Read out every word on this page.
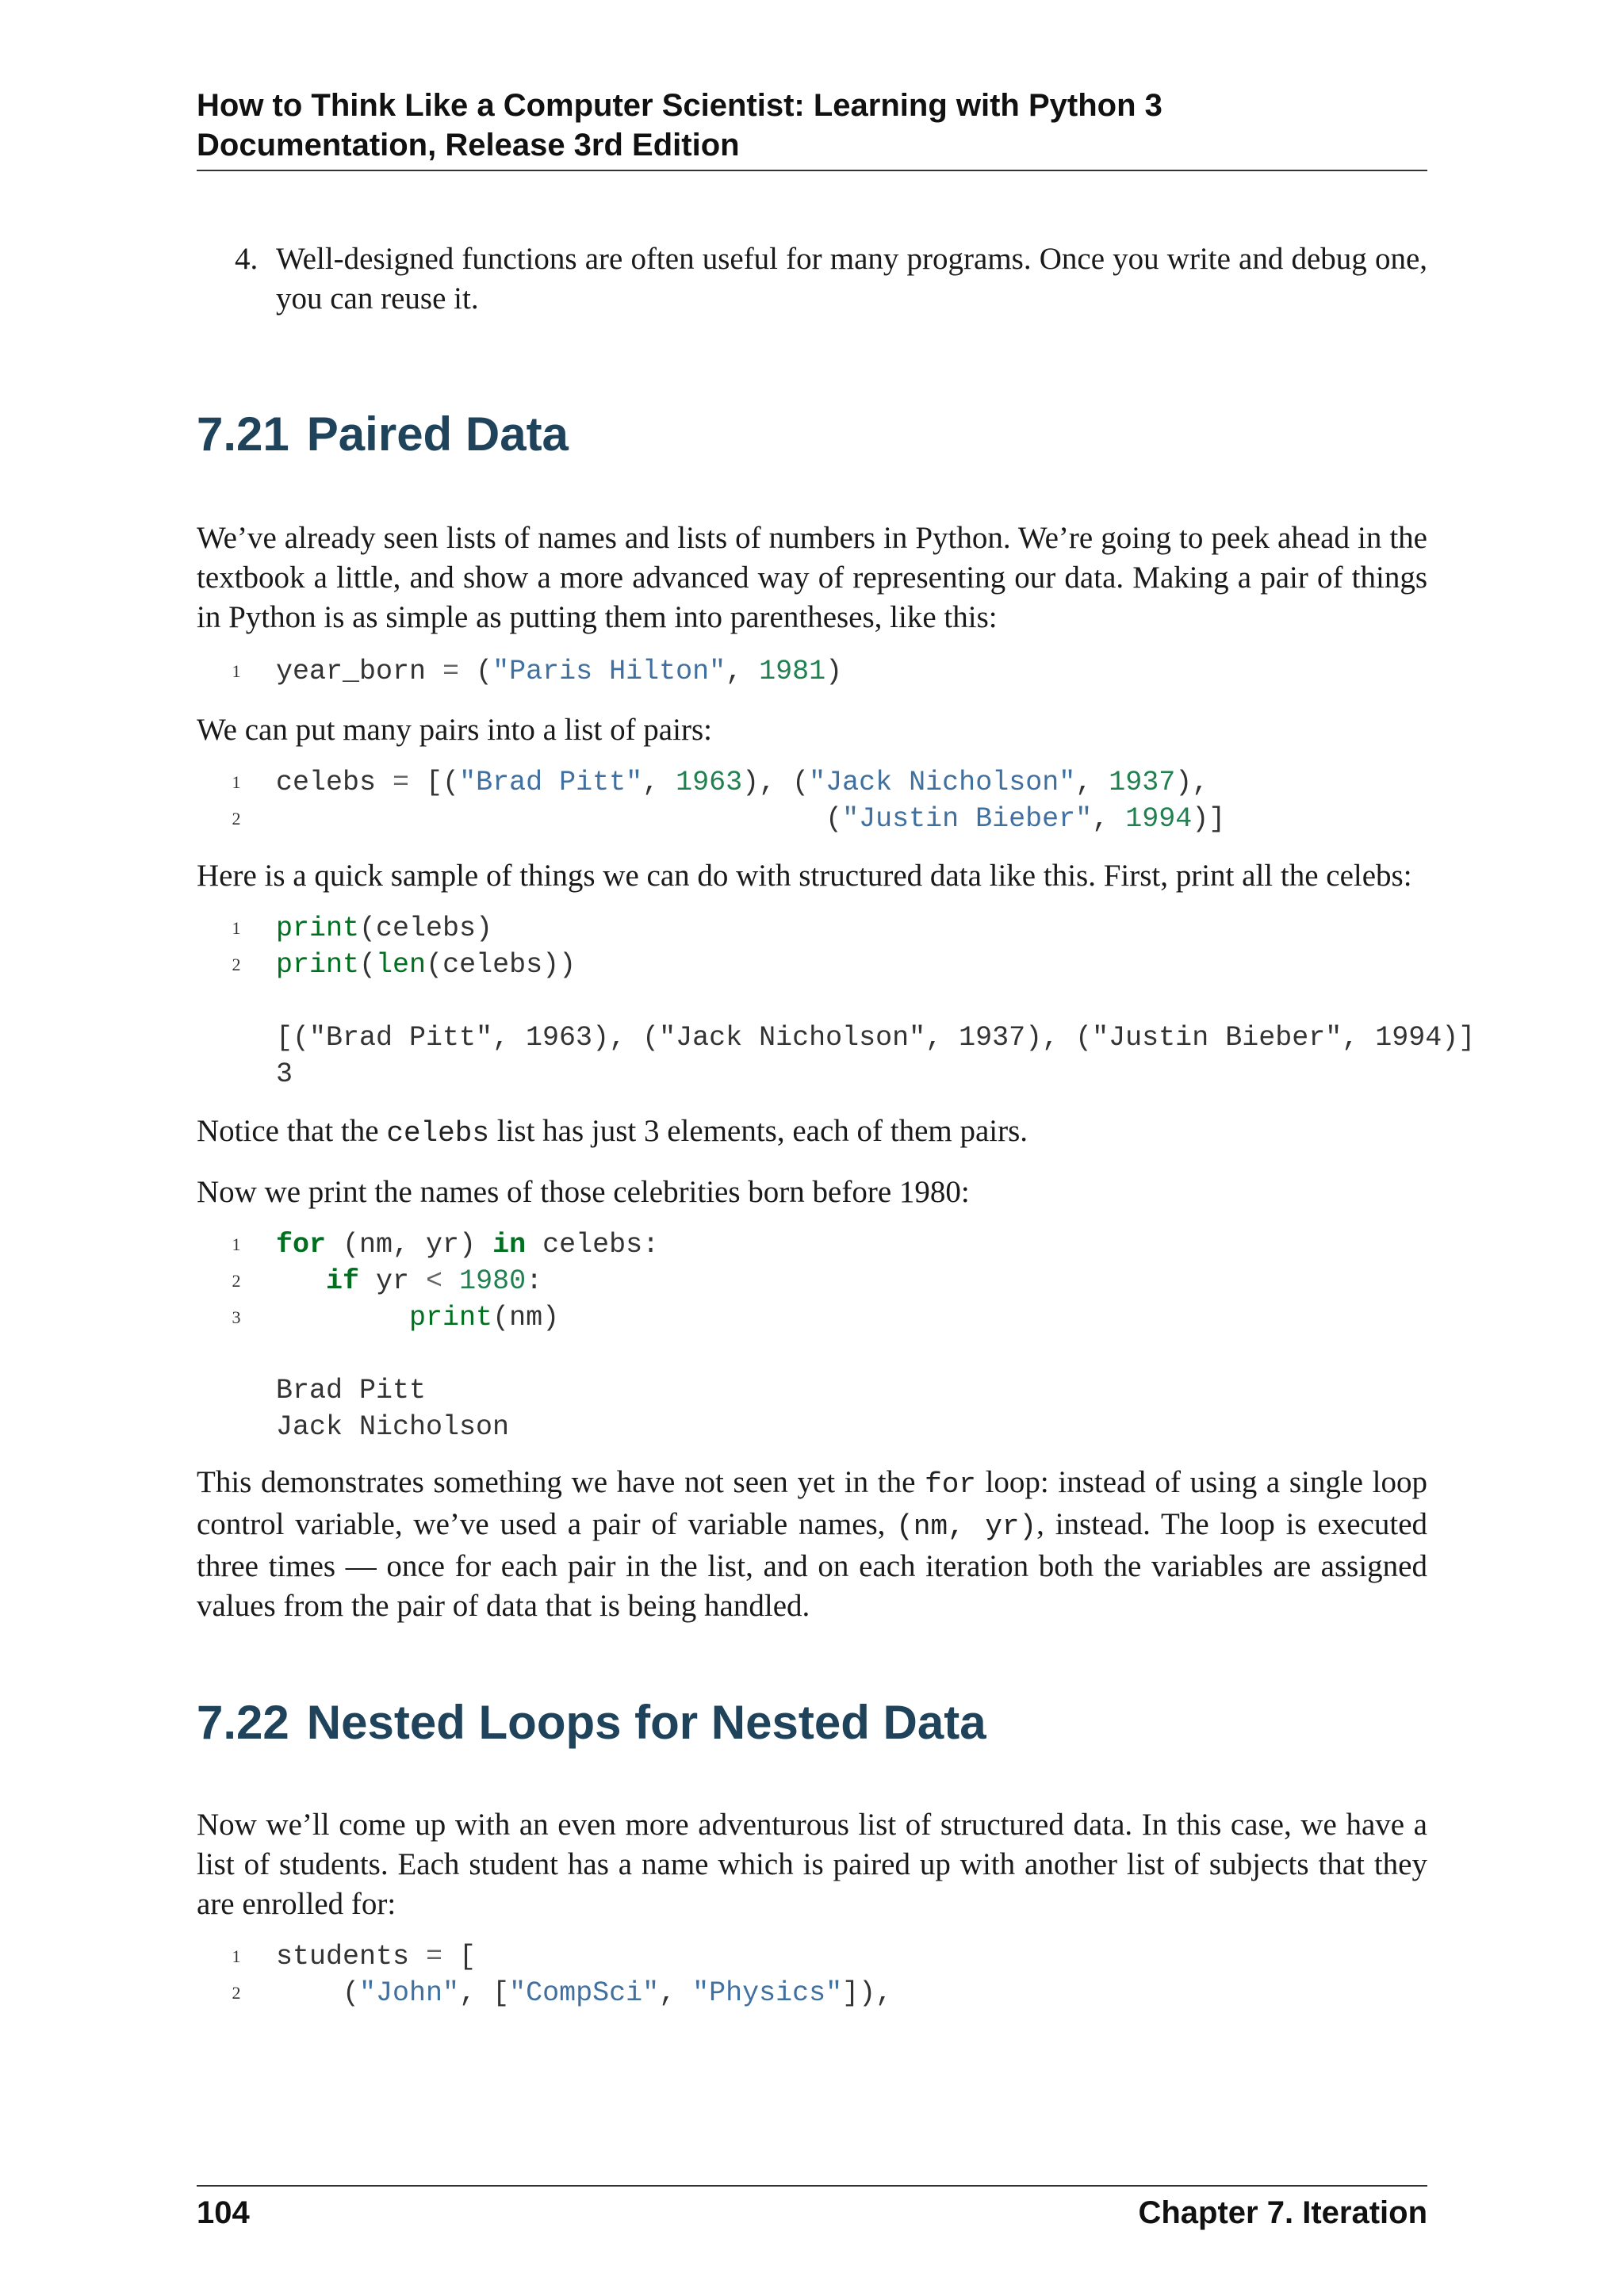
How to Think Like a Computer Scientist: Learning with Python 3
Documentation, Release 3rd Edition
4. Well-designed functions are often useful for many programs. Once you write and debug one, you can reuse it.
7.21 Paired Data

We’ve already seen lists of names and lists of numbers in Python. We’re going to peek ahead in the textbook a little, and show a more advanced way of representing our data. Making a pair of things in Python is as simple as putting them into parentheses, like this:

1	year_born = ("Paris Hilton", 1981)

We can put many pairs into a list of pairs:

1	celebs = [("Brad Pitt", 1963), ("Jack Nicholson", 1937),
2	("Justin Bieber", 1994)]

Here is a quick sample of things we can do with structured data like this. First, print all the celebs:

1	print(celebs)
2	print(len(celebs))
[("Brad Pitt", 1963), ("Jack Nicholson", 1937), ("Justin Bieber", 1994)]
3

Notice that the celebs list has just 3 elements, each of them pairs.

Now we print the names of those celebrities born before 1980:

1	for (nm, yr) in celebs:
2	if yr < 1980:
3	print(nm)
Brad Pitt
Jack Nicholson

This demonstrates something we have not seen yet in the for loop: instead of using a single loop control variable, we’ve used a pair of variable names, (nm, yr), instead. The loop is executed three times — once for each pair in the list, and on each iteration both the variables are assigned values from the pair of data that is being handled.

7.22 Nested Loops for Nested Data

Now we’ll come up with an even more adventurous list of structured data. In this case, we have a list of students. Each student has a name which is paired up with another list of subjects that they are enrolled for:

1	students = [
2	("John", ["CompSci", "Physics"]),
104	Chapter 7. Iteration
